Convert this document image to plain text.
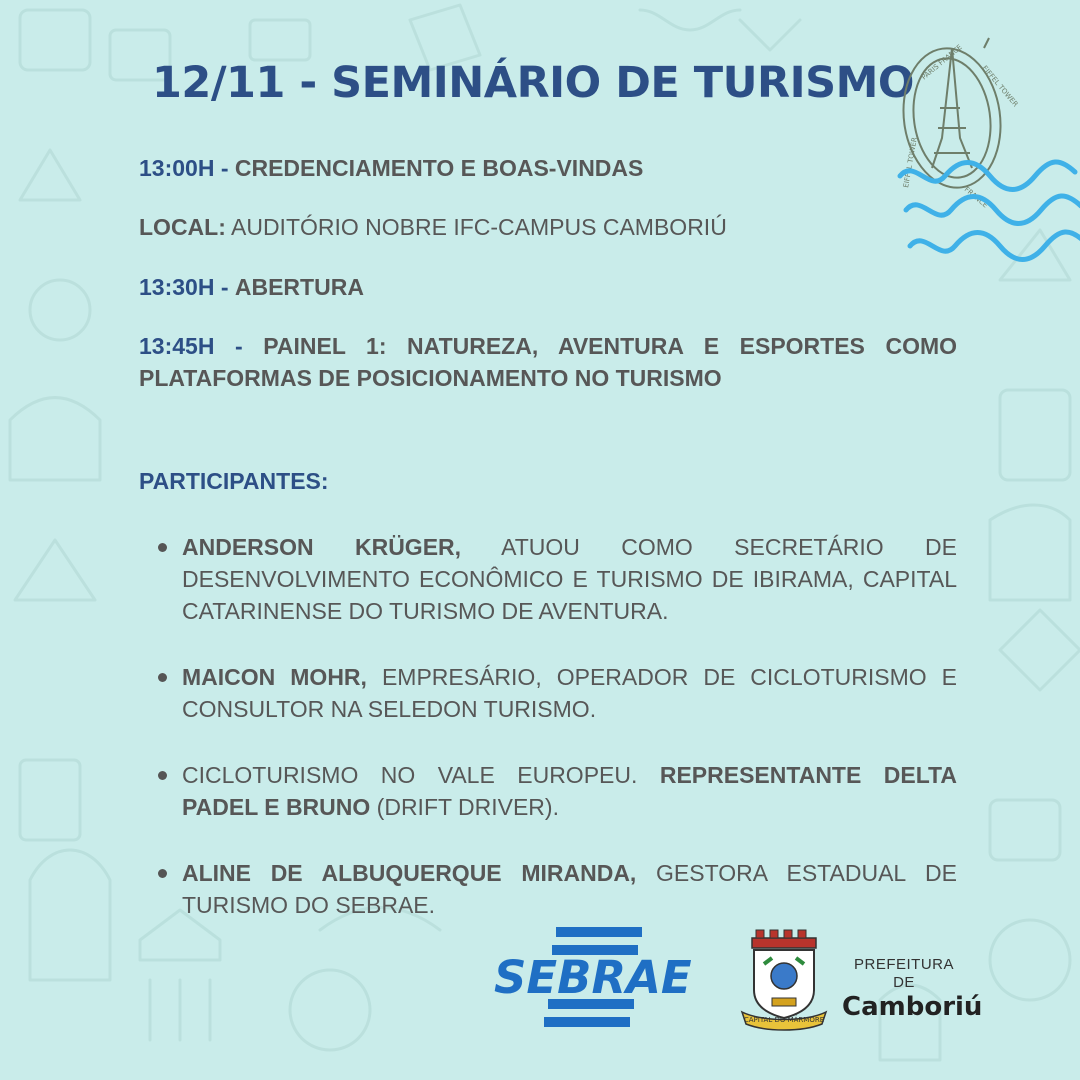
12/11 - SEMINÁRIO DE TURISMO PARIS FRANCE
EIFFEL TOWER
EIFFEL TOWER
FRANCE
13:00H - CREDENCIAMENTO E BOAS-VINDAS
LOCAL: AUDITÓRIO NOBRE IFC-CAMPUS CAMBORIÚ
13:30H - ABERTURA
13:45H - PAINEL 1: NATUREZA, AVENTURA E ESPORTES COMO PLATAFORMAS DE POSICIONAMENTO NO TURISMO
PARTICIPANTES:
ANDERSON KRÜGER, ATUOU COMO SECRETÁRIO DE DESENVOLVIMENTO ECONÔMICO E TURISMO DE IBIRAMA, CAPITAL CATARINENSE DO TURISMO DE AVENTURA.
MAICON MOHR, EMPRESÁRIO, OPERADOR DE CICLOTURISMO E CONSULTOR NA SELEDON TURISMO.
CICLOTURISMO NO VALE EUROPEU. REPRESENTANTE DELTA PADEL E BRUNO (DRIFT DRIVER).
ALINE DE ALBUQUERQUE MIRANDA, GESTORA ESTADUAL DE TURISMO DO SEBRAE.
SEBRAE
CAPITAL DO MÁRMORE
PREFEITURA DE
Camboriú
